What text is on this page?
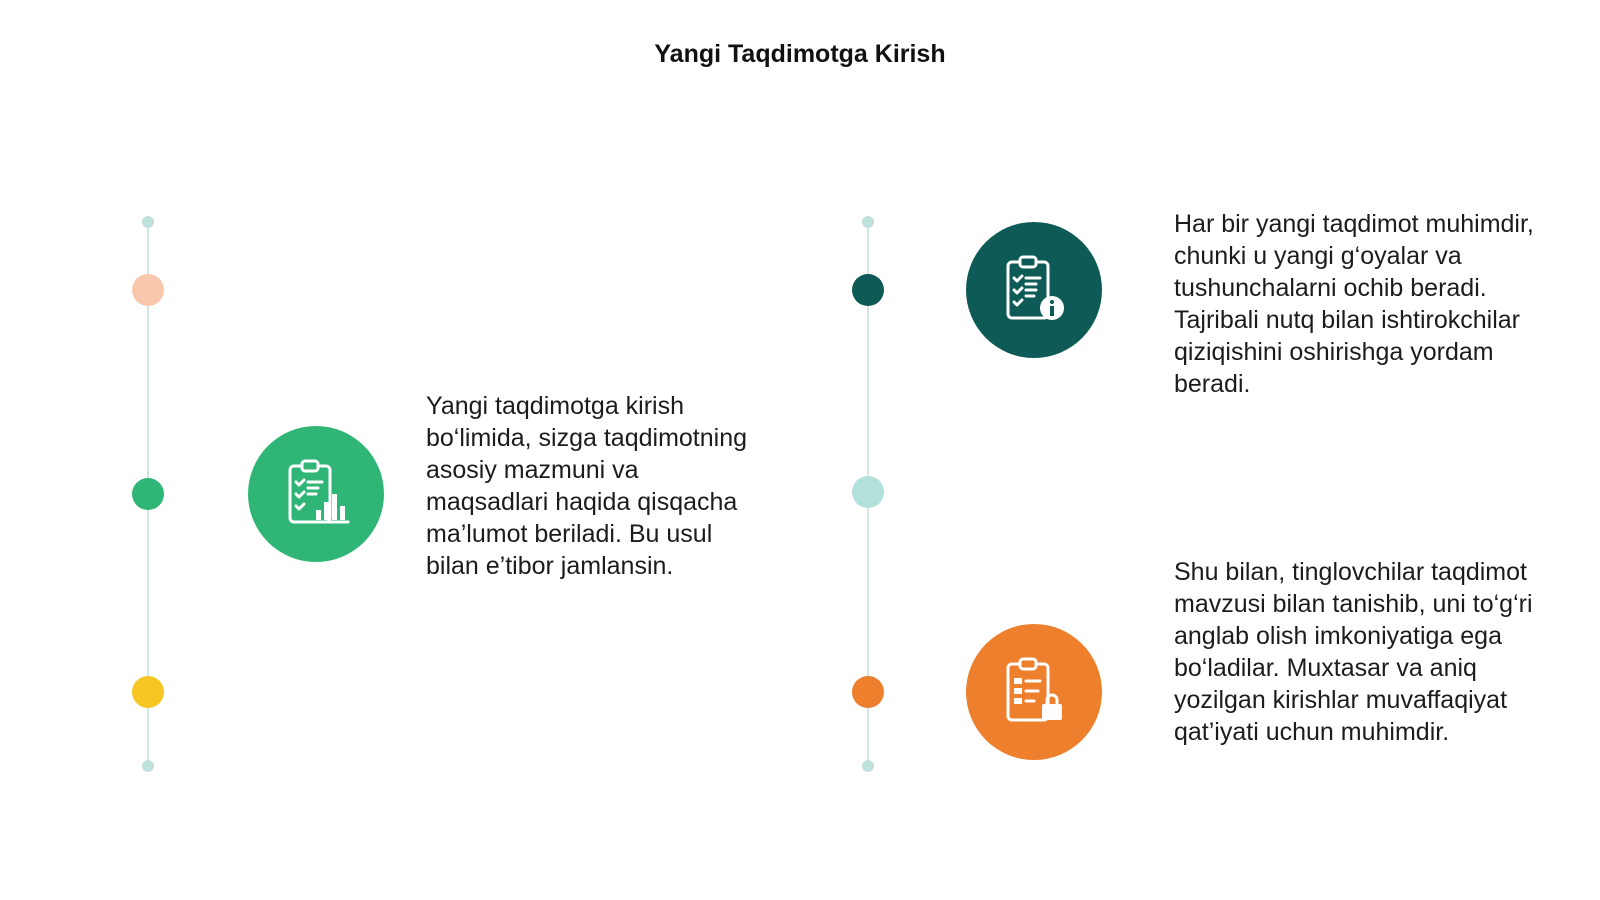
Yangi Taqdimotga Kirish
Yangi taqdimotga kirish bo‘limida, sizga taqdimotning asosiy mazmuni va maqsadlari haqida qisqacha ma’lumot beriladi. Bu usul bilan e’tibor jamlansin.
Har bir yangi taqdimot muhimdir, chunki u yangi g‘oyalar va tushunchalarni ochib beradi. Tajribali nutq bilan ishtirokchilar qiziqishini oshirishga yordam beradi.
Shu bilan, tinglovchilar taqdimot mavzusi bilan tanishib, uni to‘g‘ri anglab olish imkoniyatiga ega bo‘ladilar. Muxtasar va aniq yozilgan kirishlar muvaffaqiyat qat’iyati uchun muhimdir.
